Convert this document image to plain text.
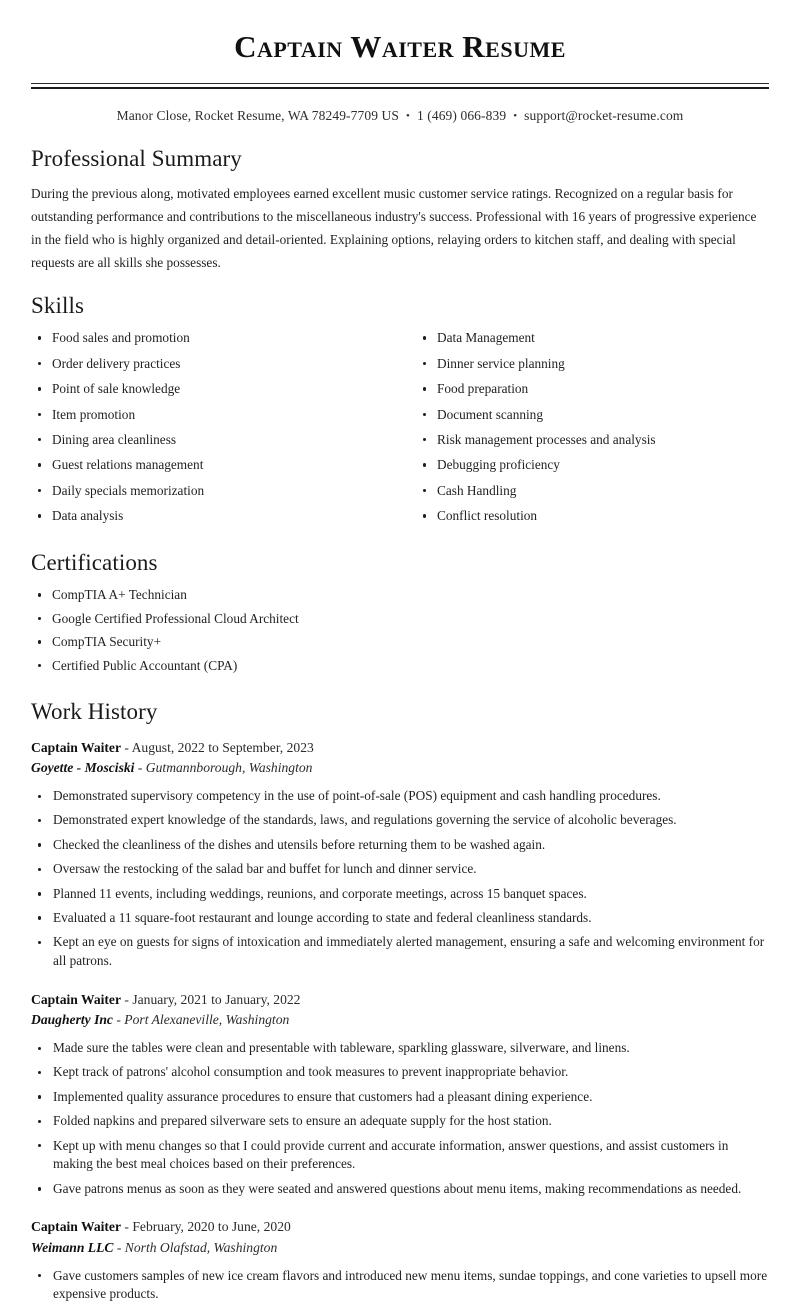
Captain Waiter Resume

Manor Close, Rocket Resume, WA 78249-7709 US • 1 (469) 066-839 • support@rocket-resume.com

Professional Summary

During the previous along, motivated employees earned excellent music customer service ratings. Recognized on a regular basis for outstanding performance and contributions to the miscellaneous industry's success. Professional with 16 years of progressive experience in the field who is highly organized and detail-oriented. Explaining options, relaying orders to kitchen staff, and dealing with special requests are all skills she possesses.

Skills
Food sales and promotion
Order delivery practices
Point of sale knowledge
Item promotion
Dining area cleanliness
Guest relations management
Daily specials memorization
Data analysis
Data Management
Dinner service planning
Food preparation
Document scanning
Risk management processes and analysis
Debugging proficiency
Cash Handling
Conflict resolution
Certifications
CompTIA A+ Technician
Google Certified Professional Cloud Architect
CompTIA Security+
Certified Public Accountant (CPA)
Work History
Captain Waiter - August, 2022 to September, 2023
Goyette - Mosciski - Gutmannborough, Washington
Demonstrated supervisory competency in the use of point-of-sale (POS) equipment and cash handling procedures.
Demonstrated expert knowledge of the standards, laws, and regulations governing the service of alcoholic beverages.
Checked the cleanliness of the dishes and utensils before returning them to be washed again.
Oversaw the restocking of the salad bar and buffet for lunch and dinner service.
Planned 11 events, including weddings, reunions, and corporate meetings, across 15 banquet spaces.
Evaluated a 11 square-foot restaurant and lounge according to state and federal cleanliness standards.
Kept an eye on guests for signs of intoxication and immediately alerted management, ensuring a safe and welcoming environment for all patrons.
Captain Waiter - January, 2021 to January, 2022
Daugherty Inc - Port Alexaneville, Washington
Made sure the tables were clean and presentable with tableware, sparkling glassware, silverware, and linens.
Kept track of patrons' alcohol consumption and took measures to prevent inappropriate behavior.
Implemented quality assurance procedures to ensure that customers had a pleasant dining experience.
Folded napkins and prepared silverware sets to ensure an adequate supply for the host station.
Kept up with menu changes so that I could provide current and accurate information, answer questions, and assist customers in making the best meal choices based on their preferences.
Gave patrons menus as soon as they were seated and answered questions about menu items, making recommendations as needed.
Captain Waiter - February, 2020 to June, 2020
Weimann LLC - North Olafstad, Washington
Gave customers samples of new ice cream flavors and introduced new menu items, sundae toppings, and cone varieties to upsell more expensive products.
